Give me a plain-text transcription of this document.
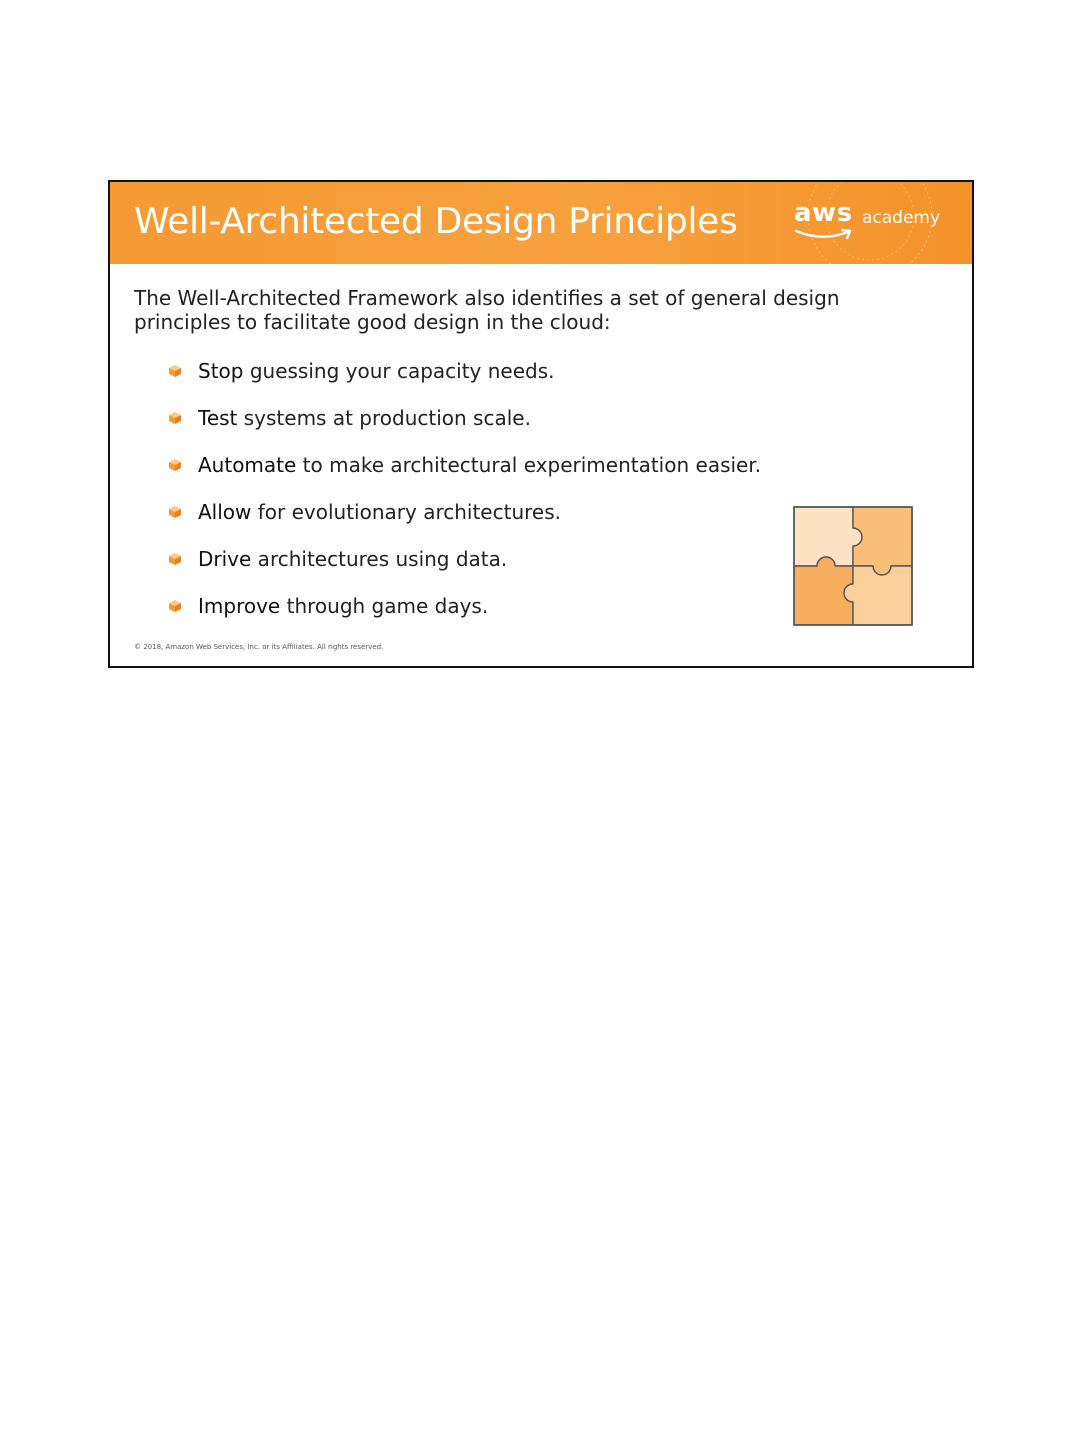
Well-Architected Design Principles aws academy

The Well-Architected Framework also identifies a set of general design principles to facilitate good design in the cloud:

Stop guessing your capacity needs.
Test systems at production scale.
Automate to make architectural experimentation easier.
Allow for evolutionary architectures.
Drive architectures using data.
Improve through game days.
© 2018, Amazon Web Services, Inc. or its Affiliates. All rights reserved.
